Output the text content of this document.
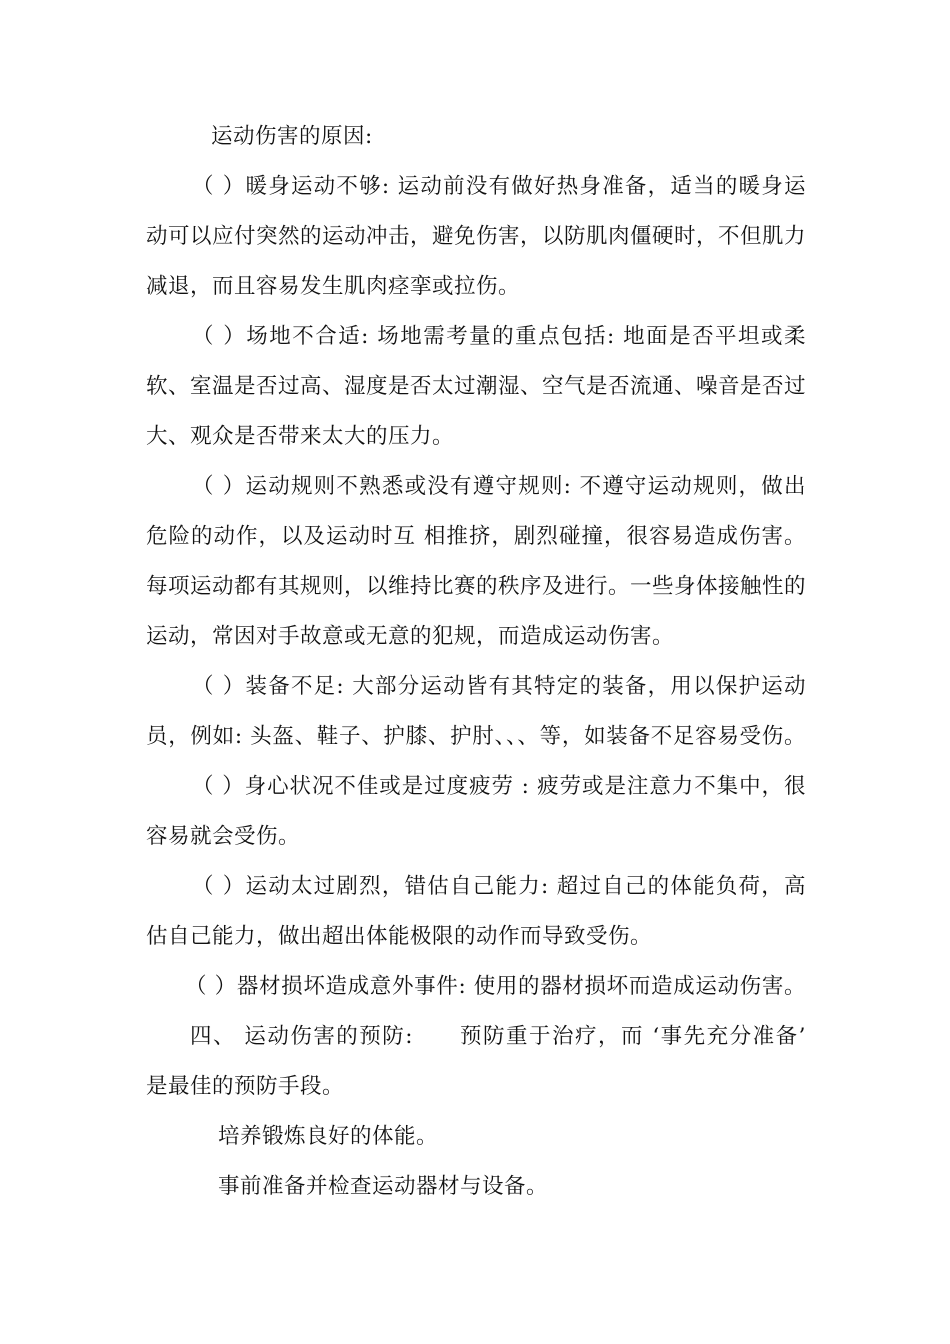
运动伤害的原因:
（ ）暖身运动不够: 运动前没有做好热身准备，适当的暖身运
动可以应付突然的运动冲击，避免伤害，以防肌肉僵硬时，不但肌力
减退，而且容易发生肌肉痉挛或拉伤。
（ ）场地不合适: 场地需考量的重点包括: 地面是否平坦或柔
软、室温是否过高、湿度是否太过潮湿、空气是否流通、噪音是否过
大、观众是否带来太大的压力。
（ ）运动规则不熟悉或没有遵守规则: 不遵守运动规则，做出
危险的动作，以及运动时互 相推挤，剧烈碰撞，很容易造成伤害。
每项运动都有其规则，以维持比赛的秩序及进行。一些身体接触性的
运动，常因对手故意或无意的犯规，而造成运动伤害。
（ ）装备不足: 大部分运动皆有其特定的装备，用以保护运动
员，例如: 头盔、鞋子、护膝、护肘、、、等，如装备不足容易受伤。
（ ）身心状况不佳或是过度疲劳 : 疲劳或是注意力不集中，很
容易就会受伤。
（ ）运动太过剧烈，错估自己能力: 超过自己的体能负荷，高
估自己能力，做出超出体能极限的动作而导致受伤。
（ ）器材损坏造成意外事件: 使用的器材损坏而造成运动伤害。
四、 运动伤害的预防:　　预防重于治疗，而 ‘事先充分准备’
是最佳的预防手段。
培养锻炼良好的体能。
事前准备并检查运动器材与设备。
